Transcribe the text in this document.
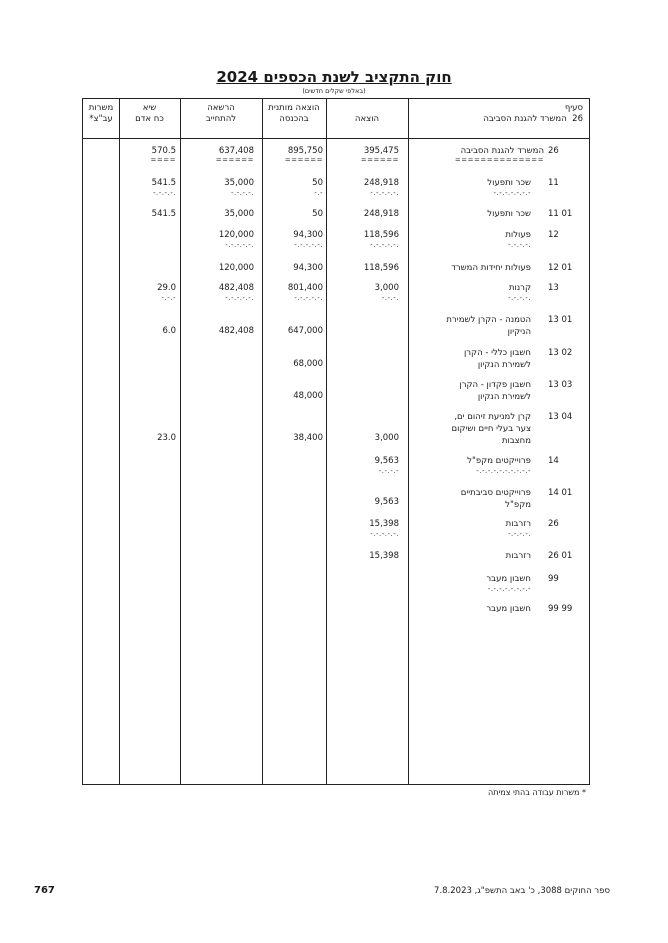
חוק התקציב לשנת הכספים 2024
(באלפי שקלים חדשים)
סעיף
26  המשרד להגנת הסביבה
הוצאה
הוצאה מותנית
בהכנסה
הרשאה
להתחייב
שיא
כח אדם
משרות
עב"צ*
26
המשרד להגנת הסביבה
==============
395,475
======
895,750
======
637,408
======
570.5
====
11
שכר ותפעול
-.-.-.-.-.-.-
248,918
-.-.-.-.-.
50
-.-
35,000
-.-.-.-.
541.5
-.-.-.-.
11 01
שכר ותפעול
248,918
50
35,000
541.5
12
פעולות
-.-.-.-.
118,596
-.-.-.-.-.
94,300
-.-.-.-.-.
120,000
-.-.-.-.-.
12 01
פעולות יחידות המשרד
118,596
94,300
120,000
13
קרנות
-.-.-.-.
3,000
-.-.-.
801,400
-.-.-.-.-.
482,408
-.-.-.-.-.
29.0
-.-.-
13 01
הטמנה - הקרן לשמירת
הניקיון
647,000
482,408
6.0
13 02
חשבון כללי - הקרן
לשמירת הנקיון
68,000
13 03
חשבון פקדון - הקרן
לשמירת הנקיון
48,000
13 04
קרן למניעת זיהום ים,
צער בעלי חיים ושיקום
מחצבות
3,000
38,400
23.0
14
פרוייקטים מקפ"ל
-.-.-.-.-.-.-.-.-.-
9,563
-.-.-.-
14 01
פרוייקטים סביבתיים
מקפ"ל
9,563
26
רזרבות
-.-.-.-.
15,398
-.-.-.-.-.
26 01
רזרבות
15,398
99
חשבון מעבר
-.-.-.-.-.-.-.-
99 99
חשבון מעבר
* משרות עבודה בהתי צמיתה
767	ספר החוקים 3088, כ' באב התשפ"ג, 7.8.2023
